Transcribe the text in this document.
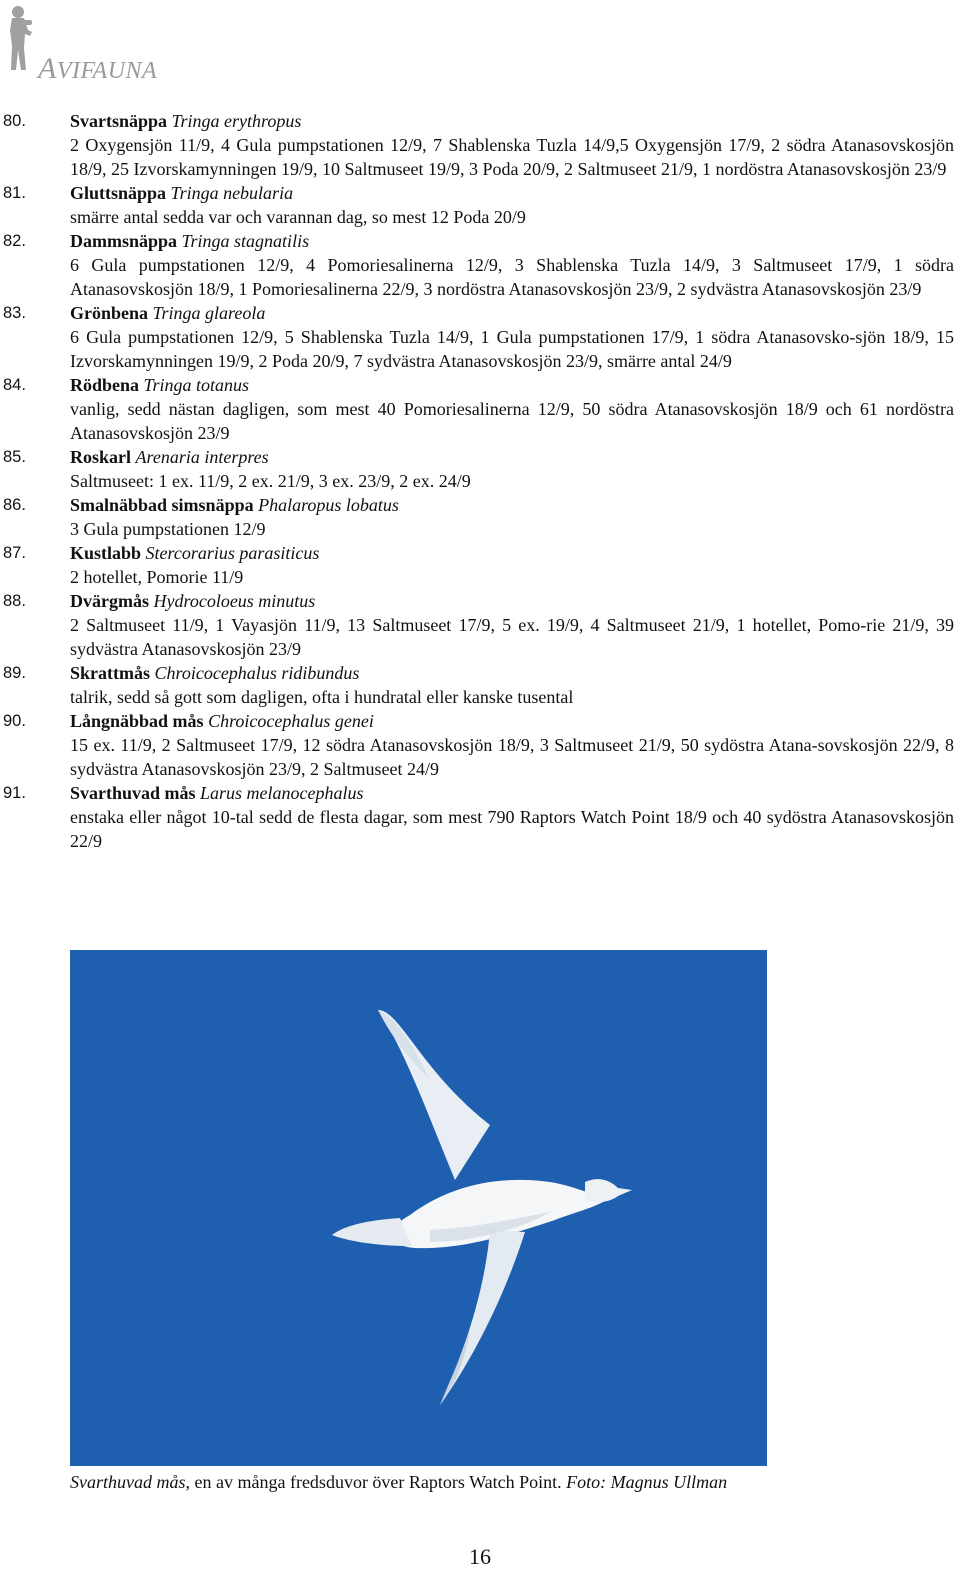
AVIFAUNA
80. Svartsnäppa Tringa erythropus
2 Oxygensjön 11/9, 4 Gula pumpstationen 12/9, 7 Shablenska Tuzla 14/9,5 Oxygensjön 17/9, 2 södra Atanasovskosjön 18/9, 25 Izvorskamynningen 19/9, 10 Saltmuseet 19/9, 3 Poda 20/9, 2 Saltmuseet 21/9, 1 nordöstra Atanasovskosjön 23/9
81. Gluttsnäppa Tringa nebularia
smärre antal sedda var och varannan dag, so mest 12 Poda 20/9
82. Dammsnäppa Tringa stagnatilis
6 Gula pumpstationen 12/9, 4 Pomoriesalinerna 12/9, 3 Shablenska Tuzla 14/9, 3 Saltmuseet 17/9, 1 södra Atanasovskosjön 18/9, 1 Pomoriesalinerna 22/9, 3 nordöstra Atanasovskosjön 23/9, 2 sydvästra Atanasovskosjön 23/9
83. Grönbena Tringa glareola
6 Gula pumpstationen 12/9, 5 Shablenska Tuzla 14/9, 1 Gula pumpstationen 17/9, 1 södra Atanasovsko-sjön 18/9, 15 Izvorskamynningen 19/9, 2 Poda 20/9, 7 sydvästra Atanasovskosjön 23/9, smärre antal 24/9
84. Rödbena Tringa totanus
vanlig, sedd nästan dagligen, som mest 40 Pomoriesalinerna 12/9, 50 södra Atanasovskosjön 18/9 och 61 nordöstra Atanasovskosjön 23/9
85. Roskarl Arenaria interpres
Saltmuseet: 1 ex. 11/9, 2 ex. 21/9, 3 ex. 23/9, 2 ex. 24/9
86. Smalnäbbad simsnäppa Phalaropus lobatus
3 Gula pumpstationen 12/9
87. Kustlabb Stercorarius parasiticus
2 hotellet, Pomorie 11/9
88. Dvärgmås Hydrocoloeus minutus
2 Saltmuseet 11/9, 1 Vayasjön 11/9, 13 Saltmuseet 17/9, 5 ex. 19/9, 4 Saltmuseet 21/9, 1 hotellet, Pomo-rie 21/9, 39 sydvästra Atanasovskosjön 23/9
89. Skrattmås Chroicocephalus ridibundus
talrik, sedd så gott som dagligen, ofta i hundratal eller kanske tusental
90. Långnäbbad mås Chroicocephalus genei
15 ex. 11/9, 2 Saltmuseet 17/9, 12 södra Atanasovskosjön 18/9, 3 Saltmuseet 21/9, 50 sydöstra Atana-sovskosjön 22/9, 8 sydvästra Atanasovskosjön 23/9, 2 Saltmuseet 24/9
91. Svarthuvad mås Larus melanocephalus
enstaka eller något 10-tal sedd de flesta dagar, som mest 790 Raptors Watch Point 18/9 och 40 sydöstra Atanasovskosjön 22/9
Svarthuvad mås, en av många fredsduvor över Raptors Watch Point. Foto: Magnus Ullman
16
